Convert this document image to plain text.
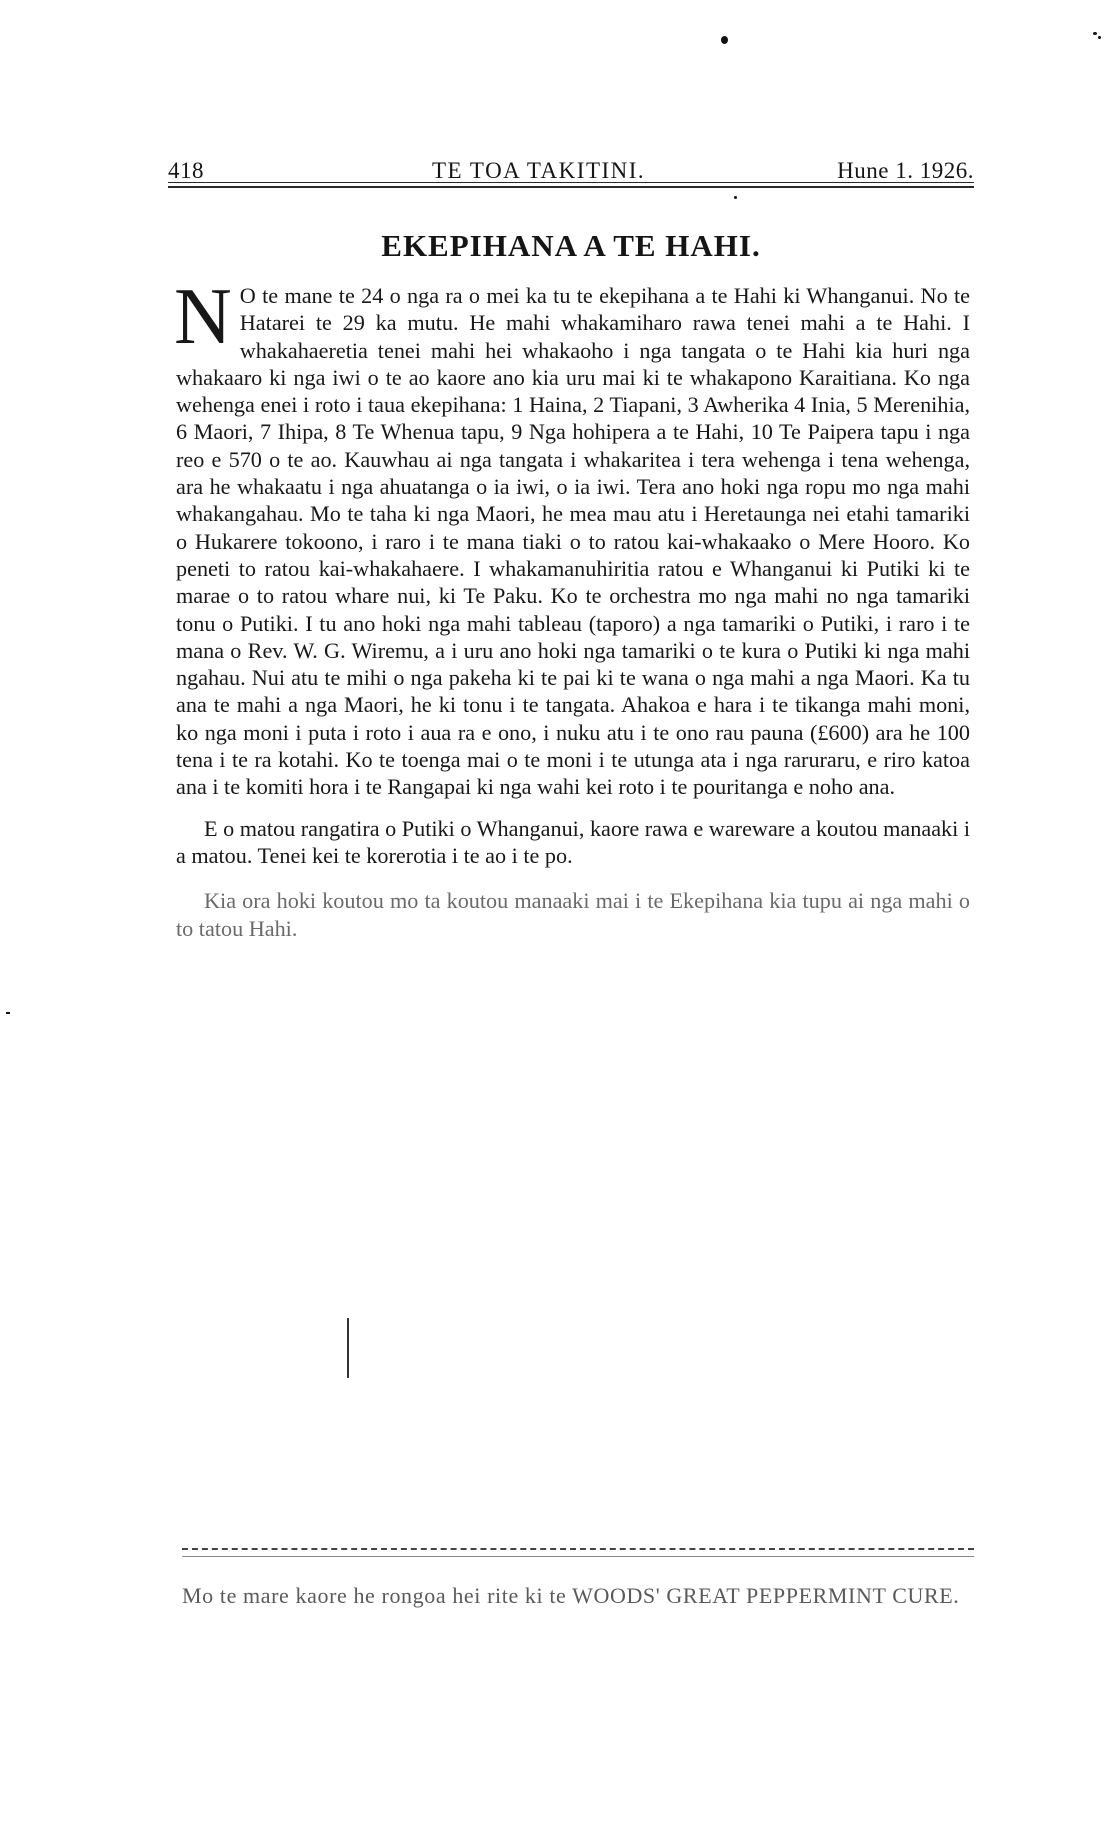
418	TE TOA TAKITINI.	Hune 1. 1926.
EKEPIHANA A TE HAHI.

N O te mane te 24 o nga ra o mei ka tu te ekepihana a te Hahi ki Whanganui. No te Hatarei te 29 ka mutu. He mahi whakamiharo rawa tenei mahi a te Hahi. I whakahaeretia tenei mahi hei whakaoho i nga tangata o te Hahi kia huri nga whakaaro ki nga iwi o te ao kaore ano kia uru mai ki te whakapono Karaitiana. Ko nga wehenga enei i roto i taua ekepihana: 1 Haina, 2 Tiapani, 3 Awherika 4 Inia, 5 Merenihia, 6 Maori, 7 Ihipa, 8 Te Whenua tapu, 9 Nga hohipera a te Hahi, 10 Te Paipera tapu i nga reo e 570 o te ao. Kauwhau ai nga tangata i whakaritea i tera wehenga i tena wehenga, ara he whakaatu i nga ahuatanga o ia iwi, o ia iwi. Tera ano hoki nga ropu mo nga mahi whakangahau. Mo te taha ki nga Maori, he mea mau atu i Heretaunga nei etahi tamariki o Hukarere tokoono, i raro i te mana tiaki o to ratou kai-whakaako o Mere Hooro. Ko peneti to ratou kai-whakahaere. I whakamanuhiritia ratou e Whanganui ki Putiki ki te marae o to ratou whare nui, ki Te Paku. Ko te orchestra mo nga mahi no nga tamariki tonu o Putiki. I tu ano hoki nga mahi tableau (taporo) a nga tamariki o Putiki, i raro i te mana o Rev. W. G. Wiremu, a i uru ano hoki nga tamariki o te kura o Putiki ki nga mahi ngahau. Nui atu te mihi o nga pakeha ki te pai ki te wana o nga mahi a nga Maori. Ka tu ana te mahi a nga Maori, he ki tonu i te tangata. Ahakoa e hara i te tikanga mahi moni, ko nga moni i puta i roto i aua ra e ono, i nuku atu i te ono rau pauna (£600) ara he 100 tena i te ra kotahi. Ko te toenga mai o te moni i te utunga ata i nga raruraru, e riro katoa ana i te komiti hora i te Rangapai ki nga wahi kei roto i te pouritanga e noho ana.

E o matou rangatira o Putiki o Whanganui, kaore rawa e wareware a koutou manaaki i a matou. Tenei kei te korerotia i te ao i te po.

Kia ora hoki koutou mo ta koutou manaaki mai i te Ekepihana kia tupu ai nga mahi o to tatou Hahi.

Mo te mare kaore he rongoa hei rite ki te WOODS' GREAT PEPPERMINT CURE.
